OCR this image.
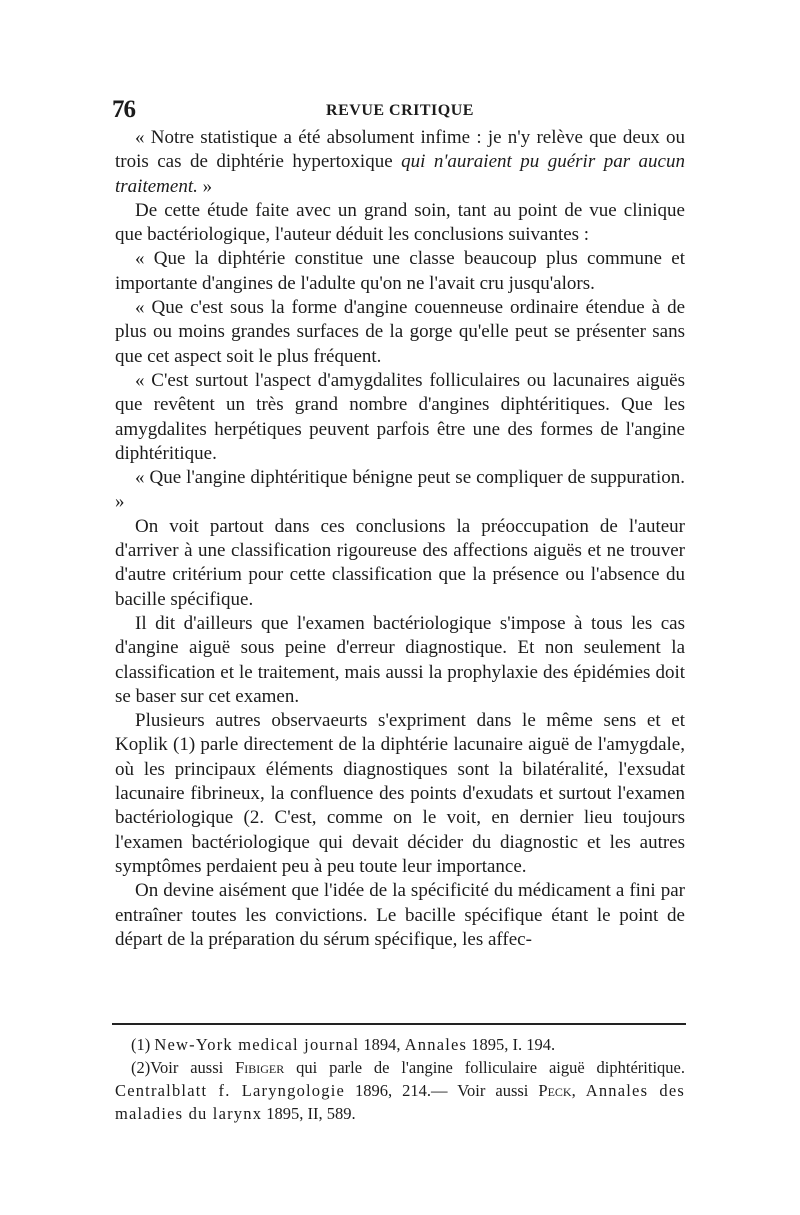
76	REVUE CRITIQUE

« Notre statistique a été absolument infime : je n'y relève que deux ou trois cas de diphtérie hypertoxique qui n'auraient pu guérir par aucun traitement. »

De cette étude faite avec un grand soin, tant au point de vue clinique que bactériologique, l'auteur déduit les conclusions suivantes :

« Que la diphtérie constitue une classe beaucoup plus commune et importante d'angines de l'adulte qu'on ne l'avait cru jusqu'alors.

« Que c'est sous la forme d'angine couenneuse ordinaire étendue à de plus ou moins grandes surfaces de la gorge qu'elle peut se présenter sans que cet aspect soit le plus fréquent.

« C'est surtout l'aspect d'amygdalites folliculaires ou lacunaires aiguës que revêtent un très grand nombre d'angines diphtéritiques. Que les amygdalites herpétiques peuvent parfois être une des formes de l'angine diphtéritique.

« Que l'angine diphtéritique bénigne peut se compliquer de suppuration. »

On voit partout dans ces conclusions la préoccupation de l'auteur d'arriver à une classification rigoureuse des affections aiguës et ne trouver d'autre critérium pour cette classification que la présence ou l'absence du bacille spécifique.

Il dit d'ailleurs que l'examen bactériologique s'impose à tous les cas d'angine aiguë sous peine d'erreur diagnostique. Et non seulement la classification et le traitement, mais aussi la prophylaxie des épidémies doit se baser sur cet examen.

Plusieurs autres observaeurts s'expriment dans le même sens et et Koplik (1) parle directement de la diphtérie lacunaire aiguë de l'amygdale, où les principaux éléments diagnostiques sont la bilatéralité, l'exsudat lacunaire fibrineux, la confluence des points d'exudats et surtout l'examen bactériologique (2. C'est, comme on le voit, en dernier lieu toujours l'examen bactériologique qui devait décider du diagnostic et les autres symptômes perdaient peu à peu toute leur importance.

On devine aisément que l'idée de la spécificité du médicament a fini par entraîner toutes les convictions. Le bacille spécifique étant le point de départ de la préparation du sérum spécifique, les affec-

(1) New-York medical journal 1894, Annales 1895, I. 194.

(2)Voir aussi Fibiger qui parle de l'angine folliculaire aiguë diphtéritique. Centralblatt f. Laryngologie 1896, 214.— Voir aussi Peck, Annales des maladies du larynx 1895, II, 589.
